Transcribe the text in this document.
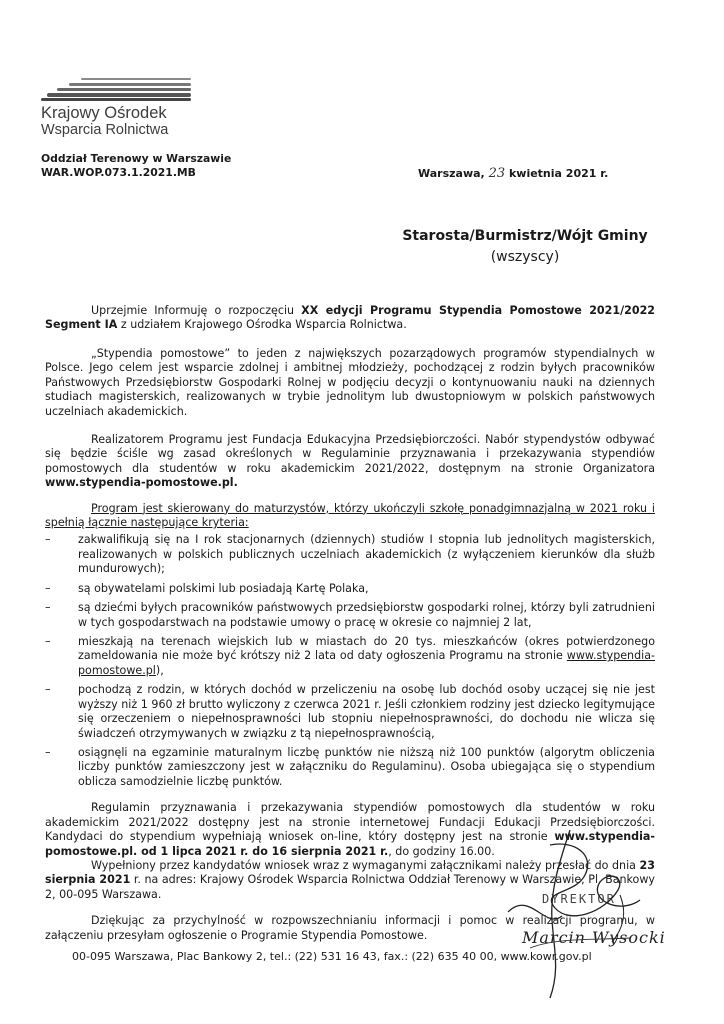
Krajowy Ośrodek
Wsparcia Rolnictwa
Oddział Terenowy w Warszawie
WAR.WOP.073.1.2021.MB	Warszawa, 23 kwietnia 2021 r.
Starosta/Burmistrz/Wójt Gminy
(wszyscy)

Uprzejmie Informuję o rozpoczęciu XX edycji Programu Stypendia Pomostowe 2021/2022 Segment IA z udziałem Krajowego Ośrodka Wsparcia Rolnictwa.

„Stypendia pomostowe” to jeden z największych pozarządowych programów stypendialnych w Polsce. Jego celem jest wsparcie zdolnej i ambitnej młodzieży, pochodzącej z rodzin byłych pracowników Państwowych Przedsiębiorstw Gospodarki Rolnej w podjęciu decyzji o kontynuowaniu nauki na dziennych studiach magisterskich, realizowanych w trybie jednolitym lub dwustopniowym w polskich państwowych uczelniach akademickich.

Realizatorem Programu jest Fundacja Edukacyjna Przedsiębiorczości. Nabór stypendystów odbywać się będzie ściśle wg zasad określonych w Regulaminie przyznawania i przekazywania stypendiów pomostowych dla studentów w roku akademickim 2021/2022, dostępnym na stronie Organizatora www.stypendia-pomostowe.pl.

Program jest skierowany do maturzystów, którzy ukończyli szkołę ponadgimnazjalną w 2021 roku i spełnią łącznie następujące kryteria:

– zakwalifikują się na I rok stacjonarnych (dziennych) studiów I stopnia lub jednolitych magisterskich, realizowanych w polskich publicznych uczelniach akademickich (z wyłączeniem kierunków dla służb mundurowych);
– są obywatelami polskimi lub posiadają Kartę Polaka,
– są dziećmi byłych pracowników państwowych przedsiębiorstw gospodarki rolnej, którzy byli zatrudnieni w tych gospodarstwach na podstawie umowy o pracę w okresie co najmniej 2 lat,
– mieszkają na terenach wiejskich lub w miastach do 20 tys. mieszkańców (okres potwierdzonego zameldowania nie może być krótszy niż 2 lata od daty ogłoszenia Programu na stronie www.stypendia-pomostowe.pl),
– pochodzą z rodzin, w których dochód w przeliczeniu na osobę lub dochód osoby uczącej się nie jest wyższy niż 1 960 zł brutto wyliczony z czerwca 2021 r. Jeśli członkiem rodziny jest dziecko legitymujące się orzeczeniem o niepełnosprawności lub stopniu niepełnosprawności, do dochodu nie wlicza się świadczeń otrzymywanych w związku z tą niepełnosprawnością,
– osiągnęli na egzaminie maturalnym liczbę punktów nie niższą niż 100 punktów (algorytm obliczenia liczby punktów zamieszczony jest w załączniku do Regulaminu). Osoba ubiegająca się o stypendium oblicza samodzielnie liczbę punktów.

Regulamin przyznawania i przekazywania stypendiów pomostowych dla studentów w roku akademickim 2021/2022 dostępny jest na stronie internetowej Fundacji Edukacji Przedsiębiorczości. Kandydaci do stypendium wypełniają wniosek on-line, który dostępny jest na stronie www.stypendia-pomostowe.pl. od 1 lipca 2021 r. do 16 sierpnia 2021 r., do godziny 16.00.

Wypełniony przez kandydatów wniosek wraz z wymaganymi załącznikami należy przesłać do dnia 23 sierpnia 2021 r. na adres: Krajowy Ośrodek Wsparcia Rolnictwa Oddział Terenowy w Warszawie, Pl. Bankowy 2, 00-095 Warszawa.

Dziękując za przychylność w rozpowszechnianiu informacji i pomoc w realizacji programu, w załączeniu przesyłam ogłoszenie o Programie Stypendia Pomostowe.

DYREKTOR
Marcin Wysocki
00-095 Warszawa, Plac Bankowy 2, tel.: (22) 531 16 43, fax.: (22) 635 40 00, www.kowr.gov.pl
